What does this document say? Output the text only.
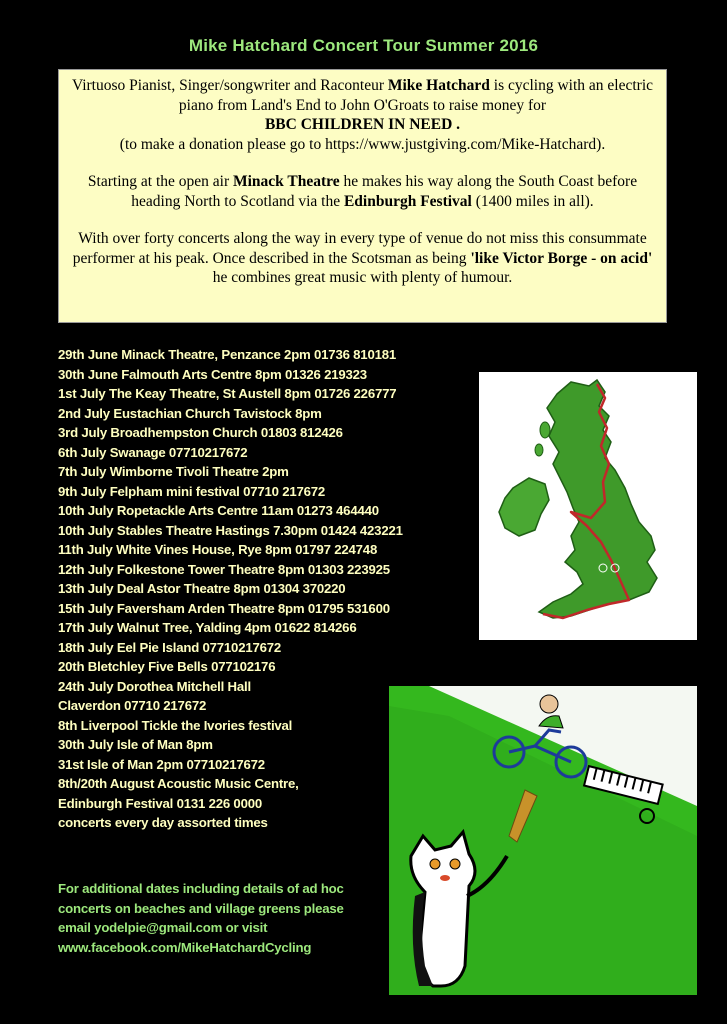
Mike Hatchard Concert Tour Summer 2016

Virtuoso Pianist, Singer/songwriter and Raconteur Mike Hatchard is cycling with an electric piano from Land's End to John O'Groats to raise money for
BBC CHILDREN IN NEED .
(to make a donation please go to https://www.justgiving.com/Mike-Hatchard).

Starting at the open air Minack Theatre he makes his way along the South Coast before heading North to Scotland via the Edinburgh Festival (1400 miles in all).

With over forty concerts along the way in every type of venue do not miss this consummate performer at his peak. Once described in the Scotsman as being 'like Victor Borge - on acid' he combines great music with plenty of humour.

29th June Minack Theatre, Penzance 2pm 01736 810181
30th June Falmouth Arts Centre 8pm 01326 219323
1st July The Keay Theatre, St Austell 8pm 01726 226777
2nd July Eustachian Church Tavistock 8pm
3rd July Broadhempston Church 01803 812426
6th July Swanage 07710217672
7th July Wimborne Tivoli Theatre 2pm
9th July Felpham mini festival 07710 217672
10th July Ropetackle Arts Centre 11am 01273 464440
10th July Stables Theatre Hastings 7.30pm 01424 423221
11th July White Vines House, Rye 8pm 01797 224748
12th July Folkestone Tower Theatre 8pm 01303 223925
13th July Deal Astor Theatre 8pm 01304 370220
15th July Faversham Arden Theatre 8pm 01795 531600
17th July Walnut Tree, Yalding 4pm 01622 814266
18th July Eel Pie Island 07710217672
20th Bletchley Five Bells 077102176
24th July Dorothea Mitchell Hall
Claverdon 07710 217672
8th Liverpool Tickle the Ivories festival
30th July Isle of Man 8pm
31st Isle of Man 2pm 07710217672
8th/20th August Acoustic Music Centre,
Edinburgh Festival 0131 226 0000
concerts every day assorted times
For additional dates including details of ad hoc
concerts on beaches and village greens please
email yodelpie@gmail.com or visit
www.facebook.com/MikeHatchardCycling
